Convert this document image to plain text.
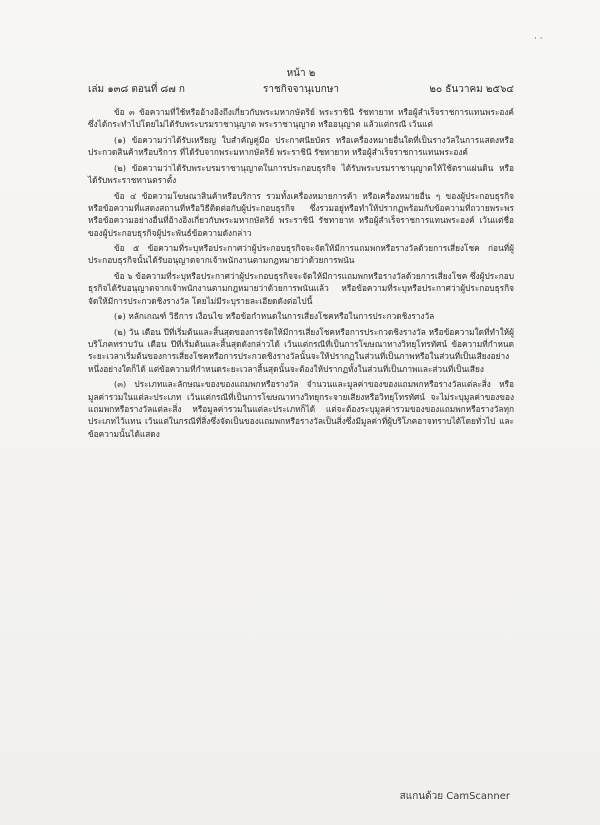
· ·
หน้า ๒
เล่ม ๑๓๘ ตอนที่ ๘๗ ก	ราชกิจจานุเบกษา	๒๐ ธันวาคม ๒๕๖๔

ข้อ ๓ ข้อความที่ใช้หรืออ้างอิงถึงเกี่ยวกับพระมหากษัตริย์ พระราชินี รัชทายาท หรือผู้สำเร็จราชการแทนพระองค์ ซึ่งได้กระทำไปโดยไม่ได้รับพระบรมราชานุญาต พระราชานุญาต หรืออนุญาต แล้วแต่กรณี เว้นแต่

(๑) ข้อความว่าได้รับเหรียญ ใบสำคัญคู่มือ ประกาศนียบัตร หรือเครื่องหมายอื่นใดที่เป็นรางวัลในการแสดงหรือประกวดสินค้าหรือบริการ ที่ได้รับจากพระมหากษัตริย์ พระราชินี รัชทายาท หรือผู้สำเร็จราชการแทนพระองค์

(๒) ข้อความว่าได้รับพระบรมราชานุญาตในการประกอบธุรกิจ ได้รับพระบรมราชานุญาตให้ใช้ตราแผ่นดิน หรือได้รับพระราชทานตราตั้ง

ข้อ ๔ ข้อความโฆษณาสินค้าหรือบริการ รวมทั้งเครื่องหมายการค้า หรือเครื่องหมายอื่น ๆ ของผู้ประกอบธุรกิจ หรือข้อความที่แสดงสถานที่หรือวิธีติดต่อกับผู้ประกอบธุรกิจ ซึ่งรวมอยู่หรือทำให้ปรากฏพร้อมกับข้อความที่ถวายพระพรหรือข้อความอย่างอื่นที่อ้างอิงเกี่ยวกับพระมหากษัตริย์ พระราชินี รัชทายาท หรือผู้สำเร็จราชการแทนพระองค์ เว้นแต่ชื่อของผู้ประกอบธุรกิจผู้ประพันธ์ข้อความดังกล่าว

ข้อ ๕ ข้อความที่ระบุหรือประกาศว่าผู้ประกอบธุรกิจจะจัดให้มีการแถมพกหรือรางวัลด้วยการเสี่ยงโชค ก่อนที่ผู้ประกอบธุรกิจนั้นได้รับอนุญาตจากเจ้าพนักงานตามกฎหมายว่าด้วยการพนัน

ข้อ ๖ ข้อความที่ระบุหรือประกาศว่าผู้ประกอบธุรกิจจะจัดให้มีการแถมพกหรือรางวัลด้วยการเสี่ยงโชค ซึ่งผู้ประกอบธุรกิจได้รับอนุญาตจากเจ้าพนักงานตามกฎหมายว่าด้วยการพนันแล้ว หรือข้อความที่ระบุหรือประกาศว่าผู้ประกอบธุรกิจจัดให้มีการประกวดชิงรางวัล โดยไม่มีระบุรายละเอียดดังต่อไปนี้

(๑) หลักเกณฑ์ วิธีการ เงื่อนไข หรือข้อกำหนดในการเสี่ยงโชคหรือในการประกวดชิงรางวัล

(๒) วัน เดือน ปีที่เริ่มต้นและสิ้นสุดของการจัดให้มีการเสี่ยงโชคหรือการประกวดชิงรางวัล หรือข้อความใดที่ทำให้ผู้บริโภคทราบวัน เดือน ปีที่เริ่มต้นและสิ้นสุดดังกล่าวได้ เว้นแต่กรณีที่เป็นการโฆษณาทางวิทยุโทรทัศน์ ข้อความที่กำหนดระยะเวลาเริ่มต้นของการเสี่ยงโชคหรือการประกวดชิงรางวัลนั้นจะให้ปรากฏในส่วนที่เป็นภาพหรือในส่วนที่เป็นเสียงอย่างหนึ่งอย่างใดก็ได้ แต่ข้อความที่กำหนดระยะเวลาสิ้นสุดนั้นจะต้องให้ปรากฏทั้งในส่วนที่เป็นภาพและส่วนที่เป็นเสียง

(๓) ประเภทและลักษณะของของแถมพกหรือรางวัล จำนวนและมูลค่าของของแถมพกหรือรางวัลแต่ละสิ่ง หรือมูลค่ารวมในแต่ละประเภท เว้นแต่กรณีที่เป็นการโฆษณาทางวิทยุกระจายเสียงหรือวิทยุโทรทัศน์ จะไม่ระบุมูลค่าของของแถมพกหรือรางวัลแต่ละสิ่ง หรือมูลค่ารวมในแต่ละประเภทก็ได้ แต่จะต้องระบุมูลค่ารวมของของแถมพกหรือรางวัลทุกประเภทไว้แทน เว้นแต่ในกรณีที่สิ่งซึ่งจัดเป็นของแถมพกหรือรางวัลเป็นสิ่งซึ่งมีมูลค่าที่ผู้บริโภคอาจทราบได้โดยทั่วไป และข้อความนั้นได้แสดง

สแกนด้วย CamScanner
